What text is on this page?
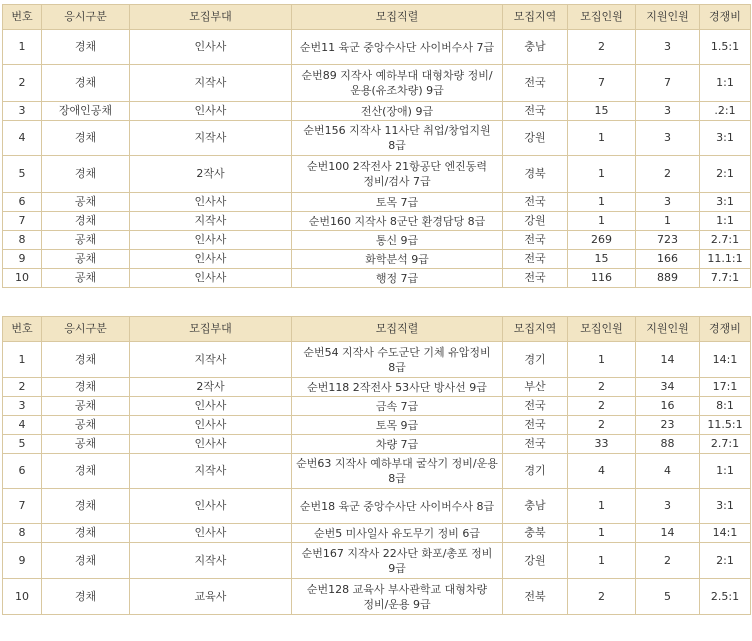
번호	응시구분	모집부대	모집직렬	모집지역	모집인원	지원인원	경쟁비
1	경채	인사사	순번11 육군 중앙수사단 사이버수사 7급	충남	2	3	1.5:1
2	경채	지작사	순번89 지작사 예하부대 대형차량 정비/운용(유조차량) 9급	전국	7	7	1:1
3	장애인공채	인사사	전산(장애) 9급	전국	15	3	.2:1
4	경채	지작사	순번156 지작사 11사단 취업/창업지원 8급	강원	1	3	3:1
5	경채	2작사	순번100 2작전사 21항공단 엔진동력 정비/검사 7급	경북	1	2	2:1
6	공채	인사사	토목 7급	전국	1	3	3:1
7	경채	지작사	순번160 지작사 8군단 환경담당 8급	강원	1	1	1:1
8	공채	인사사	통신 9급	전국	269	723	2.7:1
9	공채	인사사	화학분석 9급	전국	15	166	11.1:1
10	공채	인사사	행정 7급	전국	116	889	7.7:1
번호	응시구분	모집부대	모집직렬	모집지역	모집인원	지원인원	경쟁비
1	경채	지작사	순번54 지작사 수도군단 기체 유압정비 8급	경기	1	14	14:1
2	경채	2작사	순번118 2작전사 53사단 방사선 9급	부산	2	34	17:1
3	공채	인사사	금속 7급	전국	2	16	8:1
4	공채	인사사	토목 9급	전국	2	23	11.5:1
5	공채	인사사	차량 7급	전국	33	88	2.7:1
6	경채	지작사	순번63 지작사 예하부대 굴삭기 정비/운용 8급	경기	4	4	1:1
7	경채	인사사	순번18 육군 중앙수사단 사이버수사 8급	충남	1	3	3:1
8	경채	인사사	순번5 미사일사 유도무기 정비 6급	충북	1	14	14:1
9	경채	지작사	순번167 지작사 22사단 화포/총포 정비 9급	강원	1	2	2:1
10	경채	교육사	순번128 교육사 부사관학교 대형차량 정비/운용 9급	전북	2	5	2.5:1
